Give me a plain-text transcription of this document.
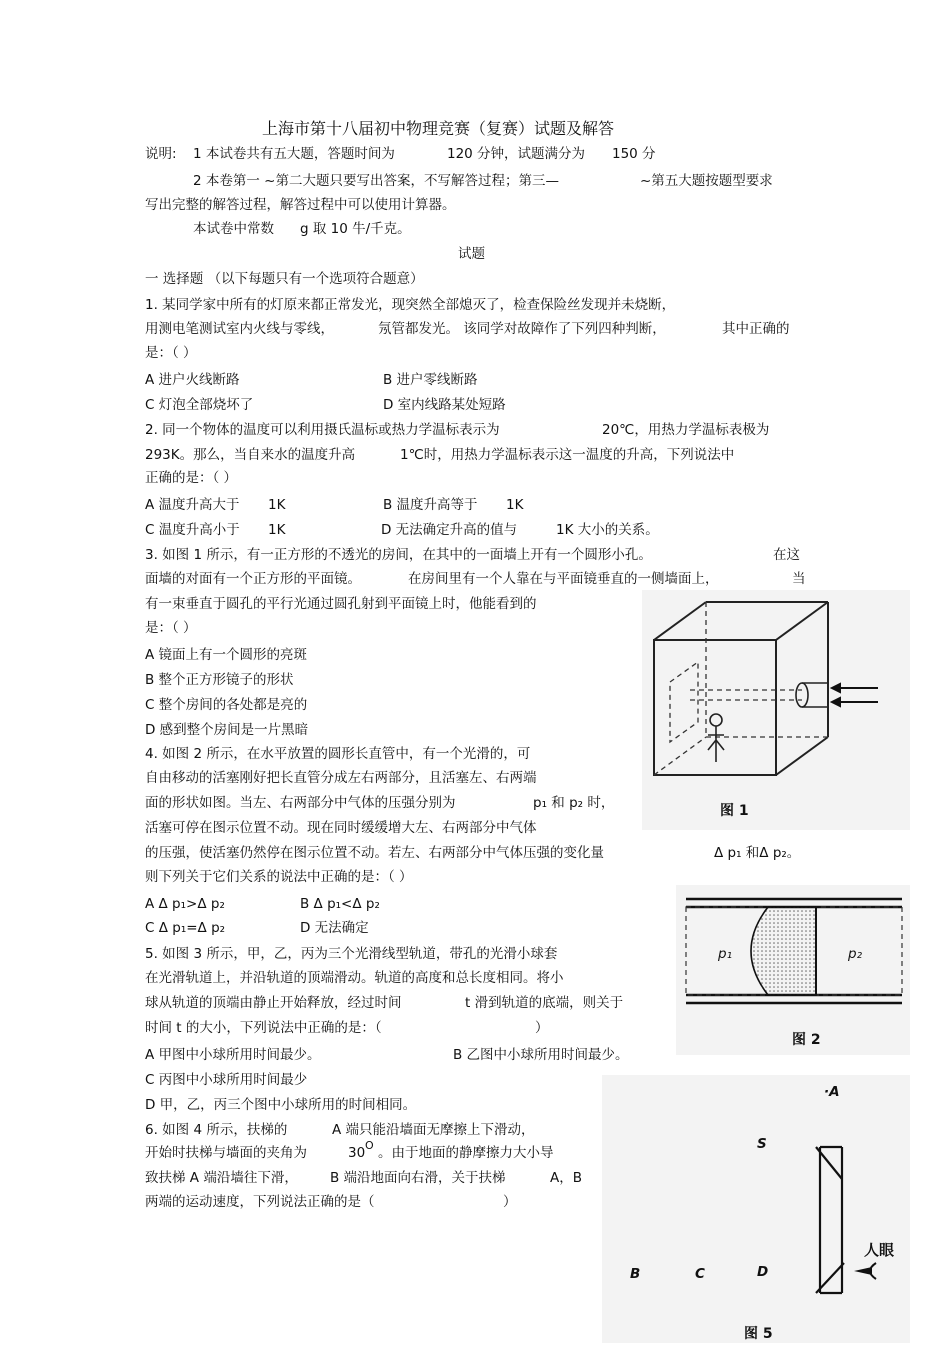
上海市第十八届初中物理竞赛（复赛）试题及解答
说明: 1 本试卷共有五大题，答题时间为	120 分钟，试题满分为 150 分
2 本卷第一 ~第二大题只要写出答案，不写解答过程；第三—	~第五大题按题型要求
写出完整的解答过程，解答过程中可以使用计算器。
本试卷中常数 g 取 10 牛/千克。
试题
一 选择题 （以下每题只有一个选项符合题意）
1. 某同学家中所有的灯原来都正常发光，现突然全部熄灭了，检查保险丝发现并未烧断，
用测电笔测试室内火线与零线，	氖管都发光。 该同学对故障作了下列四种判断，	其中正确的
是：（ ）
A 进户火线断路	B 进户零线断路
C 灯泡全部烧坏了	D 室内线路某处短路
2. 同一个物体的温度可以利用摄氏温标或热力学温标表示为	20℃，用热力学温标表极为
293K。那么，当自来水的温度升高	1℃时，用热力学温标表示这一温度的升高，下列说法中
正确的是：（ ）
A 温度升高大于 1K	B 温度升高等于 1K
C 温度升高小于 1K	D 无法确定升高的值与	1K 大小的关系。
3. 如图 1 所示，有一正方形的不透光的房间，在其中的一面墙上开有一个圆形小孔。	在这
面墙的对面有一个正方形的平面镜。	在房间里有一个人靠在与平面镜垂直的一侧墙面上，	当
有一束垂直于圆孔的平行光通过圆孔射到平面镜上时，他能看到的
是：（ ）
A 镜面上有一个圆形的亮斑
B 整个正方形镜子的形状
C 整个房间的各处都是亮的
D 感到整个房间是一片黑暗
4. 如图 2 所示，在水平放置的圆形长直管中，有一个光滑的，可
自由移动的活塞刚好把长直管分成左右两部分，且活塞左、右两端
面的形状如图。当左、右两部分中气体的压强分别为	p₁ 和 p₂ 时，
活塞可停在图示位置不动。现在同时缓缓增大左、右两部分中气体
的压强，使活塞仍然停在图示位置不动。若左、右两部分中气体压强的变化量	Δ p₁ 和Δ p₂。
则下列关于它们关系的说法中正确的是：（ ）
A Δ p₁>Δ p₂	B Δ p₁<Δ p₂
C Δ p₁=Δ p₂	D 无法确定
5. 如图 3 所示，甲，乙，丙为三个光滑线型轨道，带孔的光滑小球套
在光滑轨道上，并沿轨道的顶端滑动。轨道的高度和总长度相同。将小
球从轨道的顶端由静止开始释放，经过时间	t 滑到轨道的底端，则关于
时间 t 的大小，下列说法中正确的是：（	）
A 甲图中小球所用时间最少。	B 乙图中小球所用时间最少。
C 丙图中小球所用时间最少
D 甲，乙，丙三个图中小球所用的时间相同。
6. 如图 4 所示，扶梯的	A 端只能沿墙面无摩擦上下滑动，
开始时扶梯与墙面的夹角为	30 O 。由于地面的静摩擦力大小导
致扶梯 A 端沿墙往下滑， B 端沿地面向右滑，关于扶梯	A，B
两端的运动速度，下列说法正确的是（	）
图 1
p₁	p₂
图 2
·A
S
B	C	D
人眼
图 5
